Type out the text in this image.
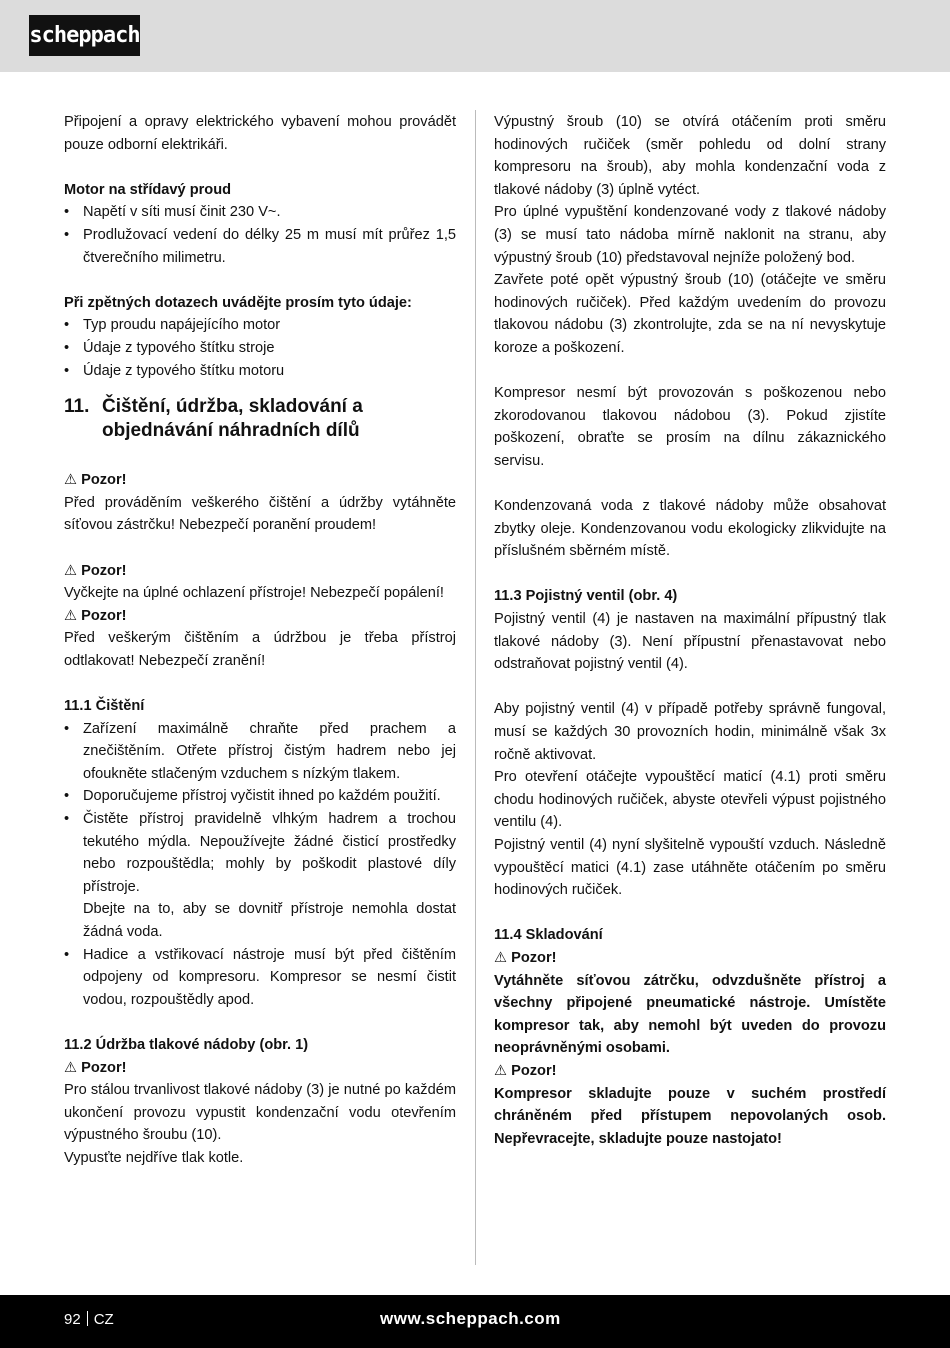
scheppach

Připojení a opravy elektrického vybavení mohou provádět pouze odborní elektrikáři.

Motor na střídavý proud

• Napětí v síti musí činit 230 V~.
• Prodlužovací vedení do délky 25 m musí mít průřez 1,5 čtverečního milimetru.

Při zpětných dotazech uvádějte prosím tyto údaje:

• Typ proudu napájejícího motor
• Údaje z typového štítku stroje
• Údaje z typového štítku motoru
11. Čištění, údržba, skladování a objednávání náhradních dílů

⚠ Pozor!

Před prováděním veškerého čištění a údržby vytáhněte síťovou zástrčku! Nebezpečí poranění proudem!

⚠ Pozor!

Vyčkejte na úplné ochlazení přístroje! Nebezpečí popálení!

⚠ Pozor!

Před veškerým čištěním a údržbou je třeba přístroj odtlakovat! Nebezpečí zranění!

11.1 Čištění

• Zařízení maximálně chraňte před prachem a znečištěním. Otřete přístroj čistým hadrem nebo jej ofoukněte stlačeným vzduchem s nízkým tlakem.
• Doporučujeme přístroj vyčistit ihned po každém použití.
• Čistěte přístroj pravidelně vlhkým hadrem a trochou tekutého mýdla. Nepoužívejte žádné čisticí prostředky nebo rozpouštědla; mohly by poškodit plastové díly přístroje.

Dbejte na to, aby se dovnitř přístroje nemohla dostat žádná voda.

• Hadice a vstřikovací nástroje musí být před čištěním odpojeny od kompresoru. Kompresor se nesmí čistit vodou, rozpouštědly apod.

11.2 Údržba tlakové nádoby (obr. 1)

⚠ Pozor!

Pro stálou trvanlivost tlakové nádoby (3) je nutné po každém ukončení provozu vypustit kondenzační vodu otevřením výpustného šroubu (10).

Vypusťte nejdříve tlak kotle.

Výpustný šroub (10) se otvírá otáčením proti směru hodinových ručiček (směr pohledu od dolní strany kompresoru na šroub), aby mohla kondenzační voda z tlakové nádoby (3) úplně vytéct.

Pro úplné vypuštění kondenzované vody z tlakové nádoby (3) se musí tato nádoba mírně naklonit na stranu, aby výpustný šroub (10) představoval nejníže položený bod.

Zavřete poté opět výpustný šroub (10) (otáčejte ve směru hodinových ručiček). Před každým uvedením do provozu tlakovou nádobu (3) zkontrolujte, zda se na ní nevyskytuje koroze a poškození.

Kompresor nesmí být provozován s poškozenou nebo zkorodovanou tlakovou nádobou (3). Pokud zjistíte poškození, obraťte se prosím na dílnu zákaznického servisu.

Kondenzovaná voda z tlakové nádoby může obsahovat zbytky oleje. Kondenzovanou vodu ekologicky zlikvidujte na příslušném sběrném místě.

11.3 Pojistný ventil (obr. 4)

Pojistný ventil (4) je nastaven na maximální přípustný tlak tlakové nádoby (3). Není přípustní přenastavovat nebo odstraňovat pojistný ventil (4).

Aby pojistný ventil (4) v případě potřeby správně fungoval, musí se každých 30 provozních hodin, minimálně však 3x ročně aktivovat.

Pro otevření otáčejte vypouštěcí maticí (4.1) proti směru chodu hodinových ručiček, abyste otevřeli výpust pojistného ventilu (4).

Pojistný ventil (4) nyní slyšitelně vypouští vzduch. Následně vypouštěcí matici (4.1) zase utáhněte otáčením po směru hodinových ručiček.

11.4 Skladování

⚠ Pozor!

Vytáhněte síťovou zátrčku, odvzdušněte přístroj a všechny připojené pneumatické nástroje. Umístěte kompresor tak, aby nemohl být uveden do provozu neoprávněnými osobami.

⚠ Pozor!

Kompresor skladujte pouze v suchém prostředí chráněném před přístupem nepovolaných osob. Nepřevracejte, skladujte pouze nastojato!

92 CZ	www.scheppach.com
